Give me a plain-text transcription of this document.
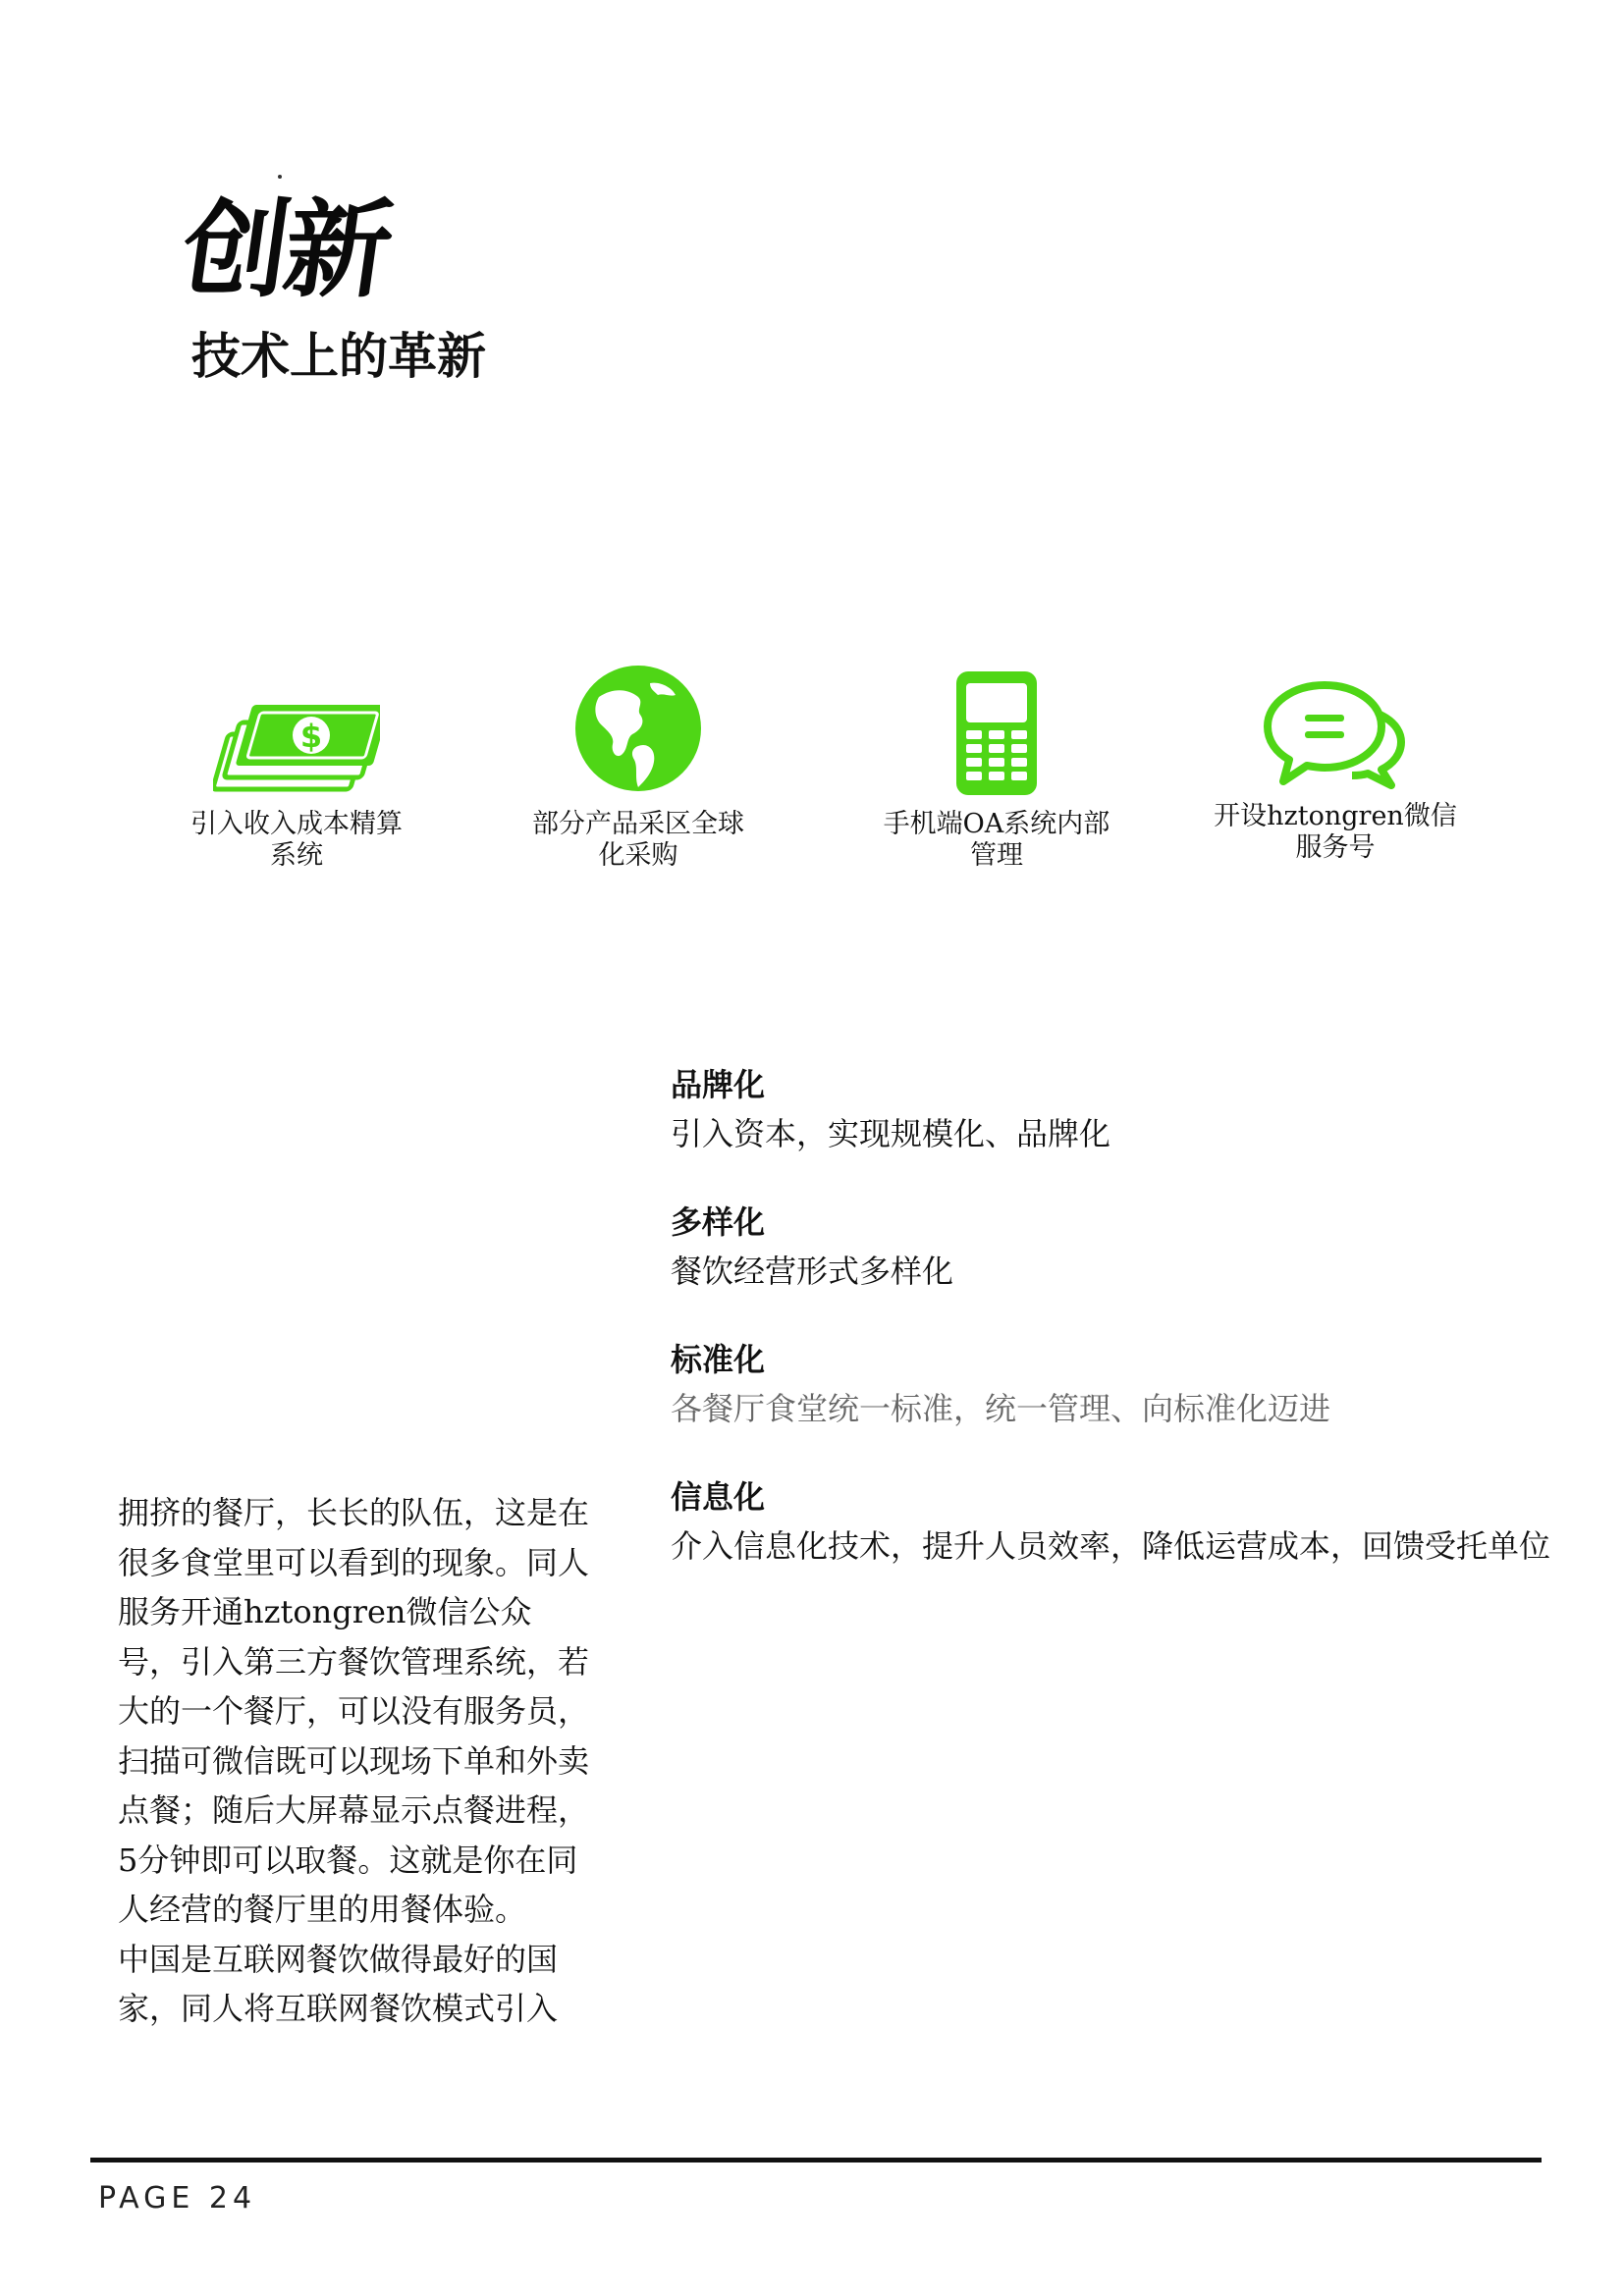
创新
技术上的革新
$
引入收入成本精算
系统
部分产品采区全球
化采购
手机端OA系统内部
管理
开设hztongren微信
服务号
品牌化
引入资本，实现规模化、品牌化
多样化
餐饮经营形式多样化
标准化
各餐厅食堂统一标准，统一管理、向标准化迈进
信息化
介入信息化技术，提升人员效率，降低运营成本，回馈受托单位

拥挤的餐厅，长长的队伍，这是在很多食堂里可以看到的现象。同人服务开通hztongren微信公众号，引入第三方餐饮管理系统，若大的一个餐厅，可以没有服务员，扫描可微信既可以现场下单和外卖点餐；随后大屏幕显示点餐进程，5分钟即可以取餐。这就是你在同人经营的餐厅里的用餐体验。

中国是互联网餐饮做得最好的国家，同人将互联网餐饮模式引入

PAGE 24
